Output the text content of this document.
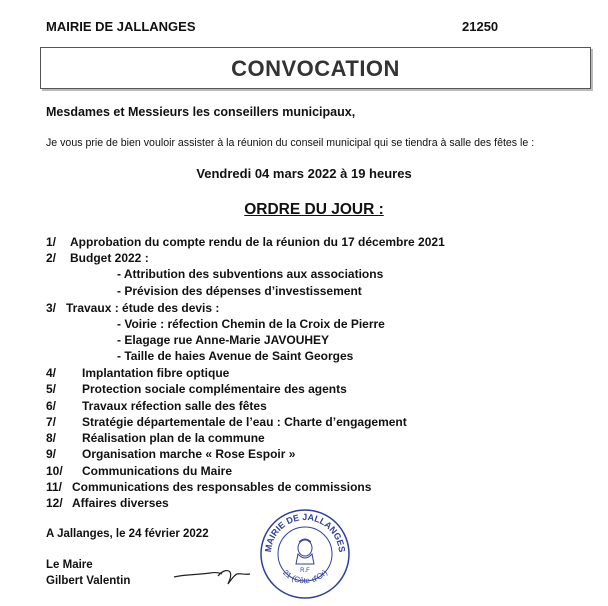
MAIRIE DE JALLANGES	21250
CONVOCATION
Mesdames et Messieurs les conseillers municipaux,
Je vous prie de bien vouloir assister à la réunion du conseil municipal qui se tiendra à salle des fêtes le :
Vendredi 04 mars 2022 à 19 heures
ORDRE DU JOUR :
1/ Approbation du compte rendu de la réunion du 17 décembre 2021
2/ Budget 2022 :
- Attribution des subventions aux associations
- Prévision des dépenses d’investissement
3/ Travaux : étude des devis :
- Voirie : réfection Chemin de la Croix de Pierre
- Elagage rue Anne-Marie JAVOUHEY
- Taille de haies Avenue de Saint Georges
4/ Implantation fibre optique
5/ Protection sociale complémentaire des agents
6/ Travaux réfection salle des fêtes
7/ Stratégie départementale de l’eau : Charte d’engagement
8/ Réalisation plan de la commune
9/ Organisation marche « Rose Espoir »
10/ Communications du Maire
11/ Communications des responsables de commissions
12/ Affaires diverses
A Jallanges, le 24 février 2022
Le Maire
Gilbert Valentin
MAIRIE DE JALLANGES
21 (Côte-d'Or)
R.F
